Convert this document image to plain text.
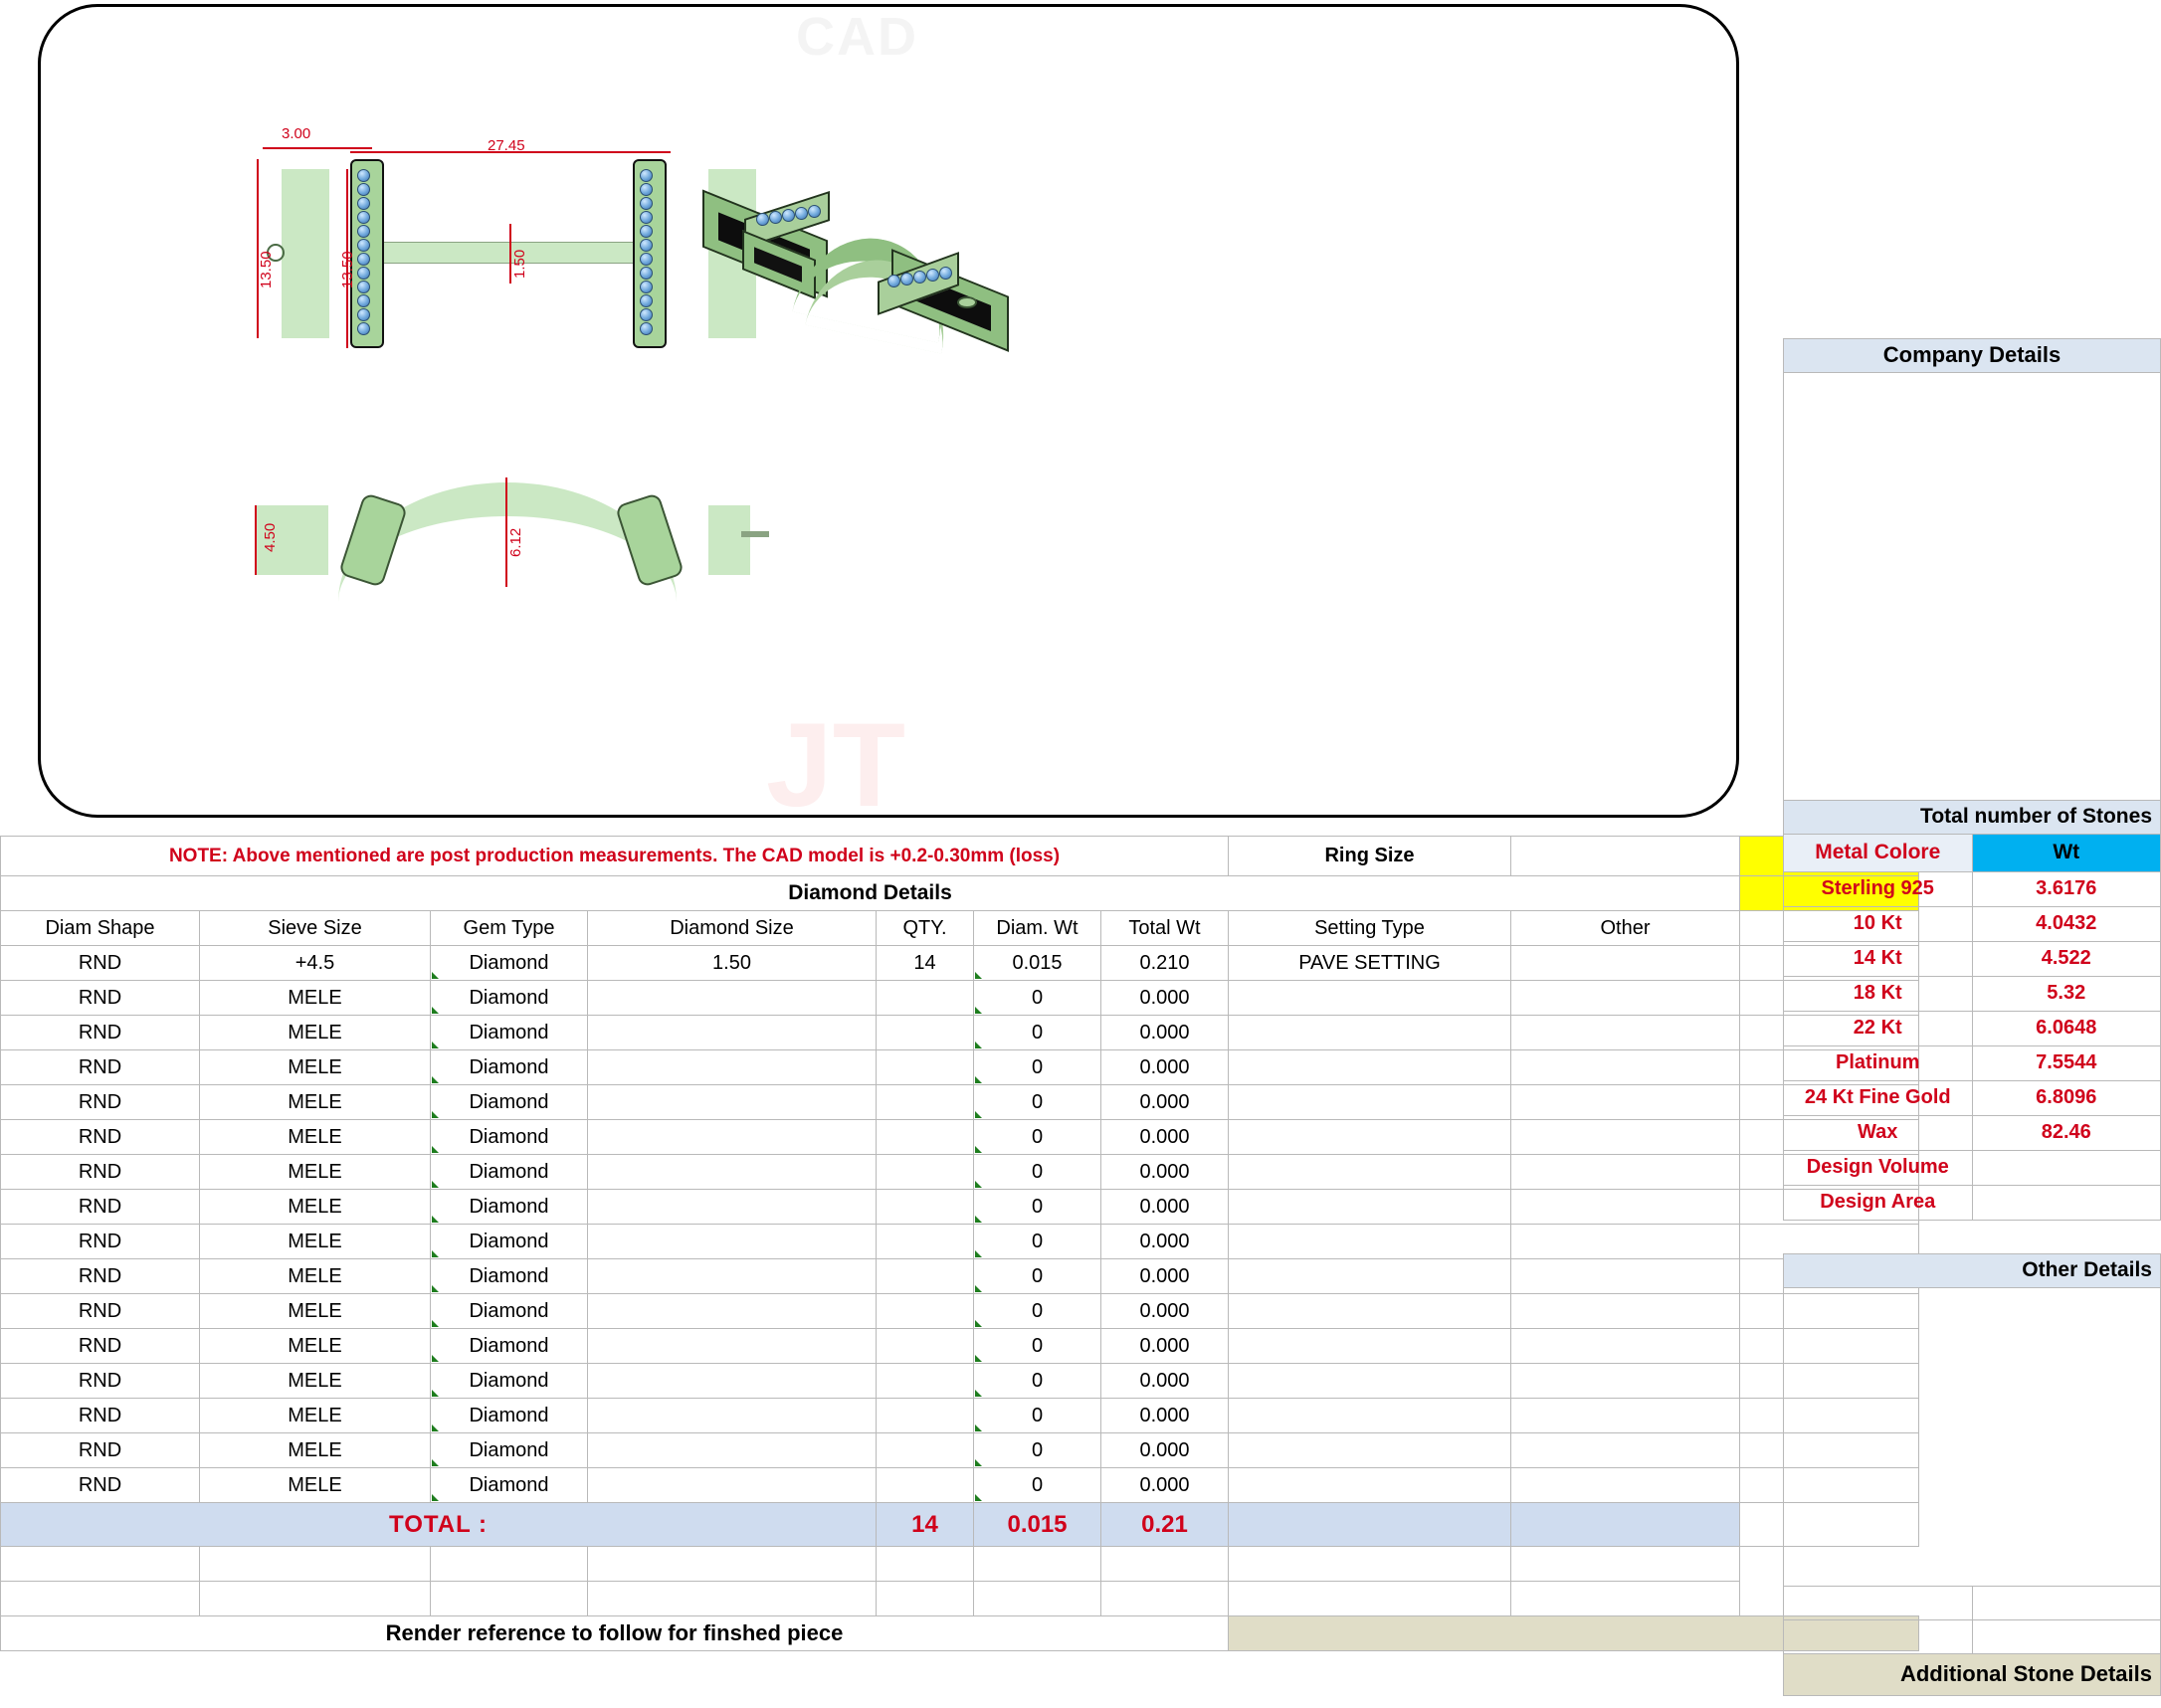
CAD
JT
3.00
27.45
13.50	13.50	1.50
4.50	6.12
NOTE: Above mentioned are post production measurements. The CAD model is +0.2-0.30mm (loss)							Ring Size		
Diamond Details									
Diam Shape	Sieve Size	Gem Type	Diamond Size	QTY.	Diam. Wt	Total Wt	Setting Type	Other	
RND	+4.5	Diamond	1.50	14	0.015	0.210	PAVE SETTING		
RND	MELE	Diamond			0	0.000			
RND	MELE	Diamond			0	0.000			
RND	MELE	Diamond			0	0.000			
RND	MELE	Diamond			0	0.000			
RND	MELE	Diamond			0	0.000			
RND	MELE	Diamond			0	0.000			
RND	MELE	Diamond			0	0.000			
RND	MELE	Diamond			0	0.000			
RND	MELE	Diamond			0	0.000			
RND	MELE	Diamond			0	0.000			
RND	MELE	Diamond			0	0.000			
RND	MELE	Diamond			0	0.000			
RND	MELE	Diamond			0	0.000			
RND	MELE	Diamond			0	0.000			
RND	MELE	Diamond			0	0.000			
TOTAL :				14	0.015	0.21			

Render reference to follow for finshed piece									

Company Details	

Total number of Stones	
Metal Colore	Wt
Sterling 925	3.6176
10 Kt	4.0432
14 Kt	4.522
18 Kt	5.32
22 Kt	6.0648
Platinum	7.5544
24 Kt Fine Gold	6.8096
Wax	82.46
Design Volume	
Design Area	

Other Details	

Additional Stone Details	
